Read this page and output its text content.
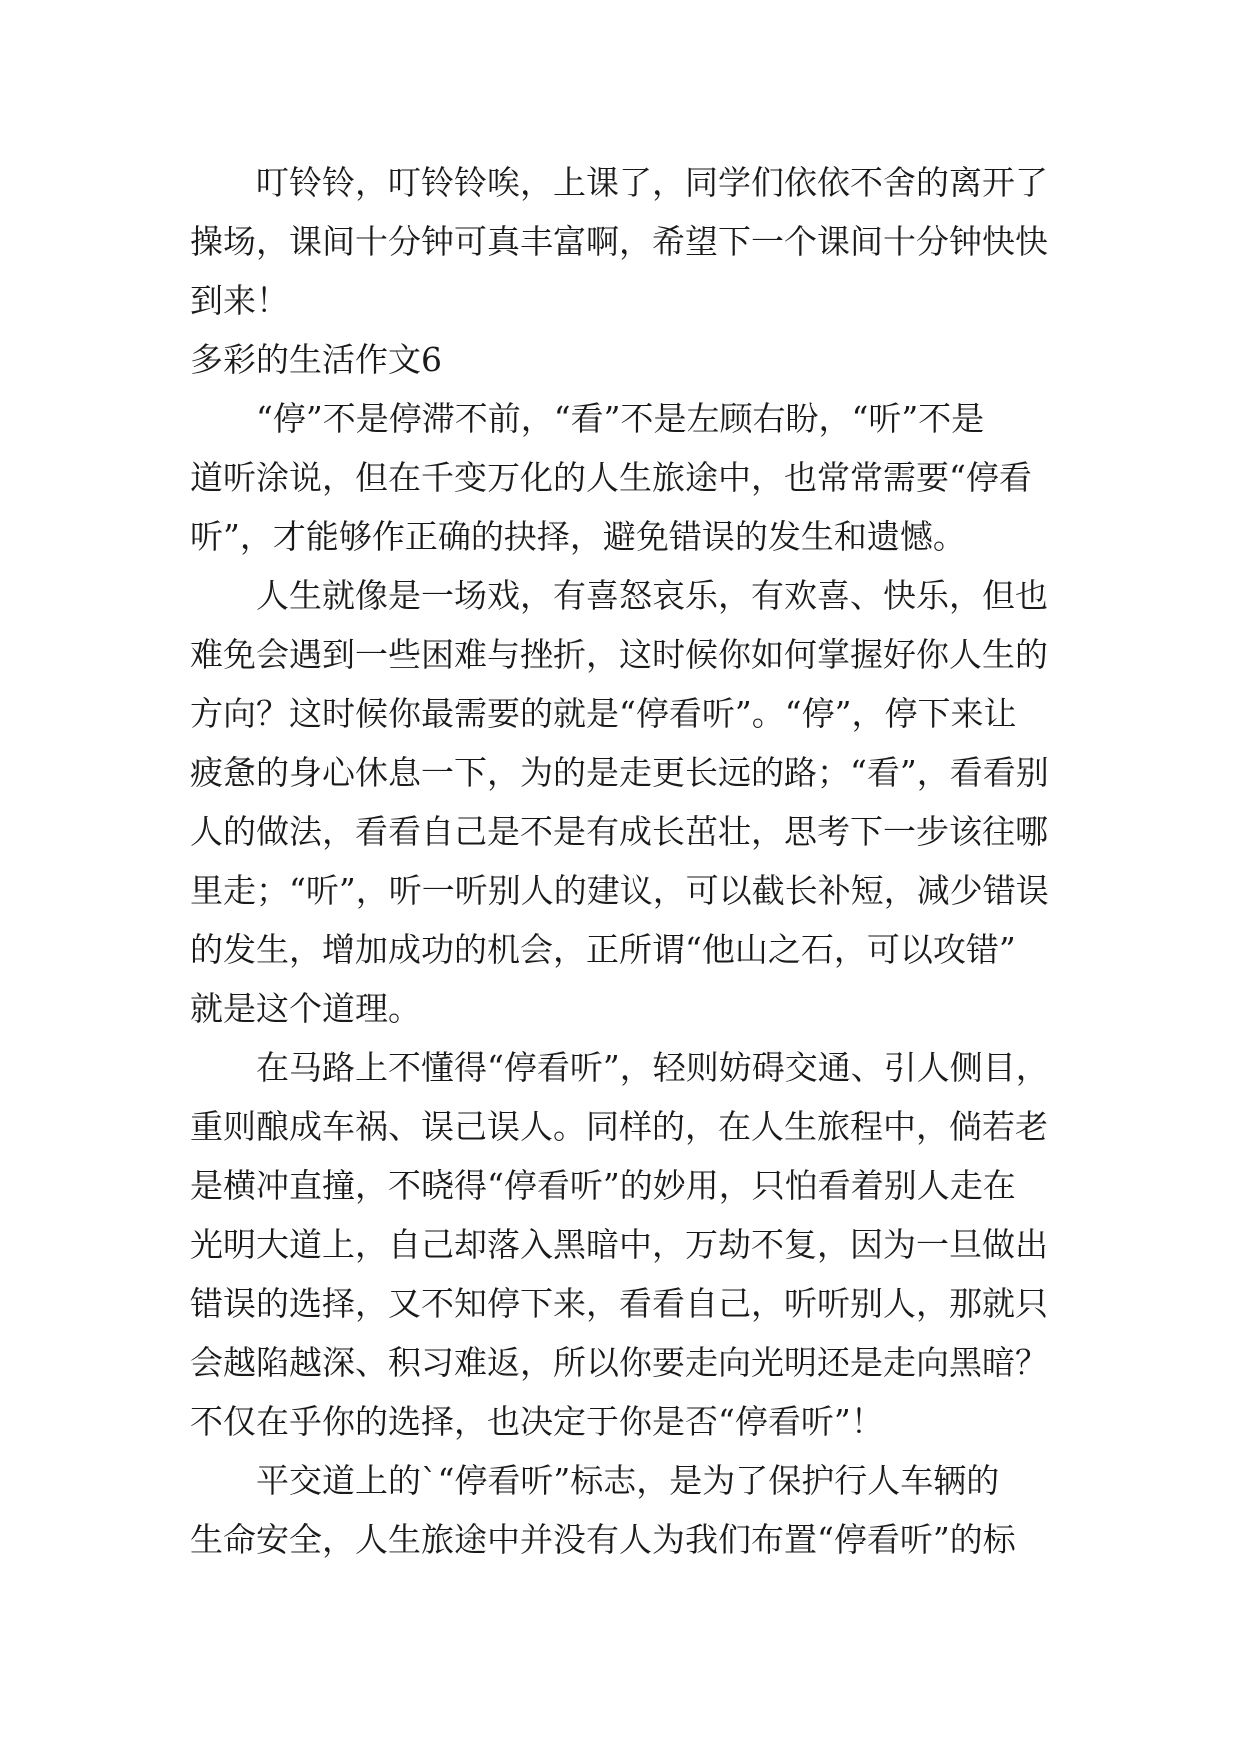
　　叮铃铃，叮铃铃唉，上课了，同学们依依不舍的离开了
操场，课间十分钟可真丰富啊，希望下一个课间十分钟快快
到来！
多彩的生活作文6
　　“停”不是停滞不前，“看”不是左顾右盼，“听”不是
道听涂说，但在千变万化的人生旅途中，也常常需要“停看
听”，才能够作正确的抉择，避免错误的发生和遗憾。
　　人生就像是一场戏，有喜怒哀乐，有欢喜、快乐，但也
难免会遇到一些困难与挫折，这时候你如何掌握好你人生的
方向？这时候你最需要的就是“停看听”。“停”，停下来让
疲惫的身心休息一下，为的是走更长远的路；“看”，看看别
人的做法，看看自己是不是有成长茁壮，思考下一步该往哪
里走；“听”，听一听别人的建议，可以截长补短，减少错误
的发生，增加成功的机会，正所谓“他山之石，可以攻错”
就是这个道理。
　　在马路上不懂得“停看听”，轻则妨碍交通、引人侧目，
重则酿成车祸、误己误人。同样的，在人生旅程中，倘若老
是横冲直撞，不晓得“停看听”的妙用，只怕看着别人走在
光明大道上，自己却落入黑暗中，万劫不复，因为一旦做出
错误的选择，又不知停下来，看看自己，听听别人，那就只
会越陷越深、积习难返，所以你要走向光明还是走向黑暗？
不仅在乎你的选择，也决定于你是否“停看听”！
　　平交道上的`“停看听”标志，是为了保护行人车辆的
生命安全，人生旅途中并没有人为我们布置“停看听”的标
